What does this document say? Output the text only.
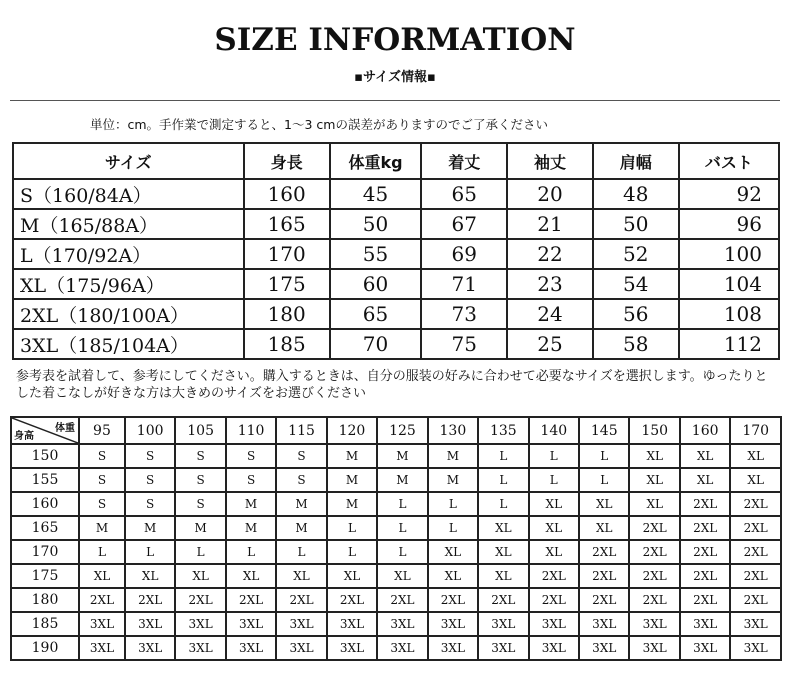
SIZE INFORMATION
▪サイズ情報▪
単位：cm。手作業で測定すると、1～3 cmの誤差がありますのでご了承ください
サイズ	身長	体重kg	着丈	袖丈	肩幅	バスト
S（160/84A）	160	45	65	20	48	92
M（165/88A）	165	50	67	21	50	96
L（170/92A）	170	55	69	22	52	100
XL（175/96A）	175	60	71	23	54	104
2XL（180/100A）	180	65	73	24	56	108
3XL（185/104A）	185	70	75	25	58	112
参考表を試着して、参考にしてください。購入するときは、自分の服装の好みに合わせて必要なサイズを選択します。ゆったりとした着こなしが好きな方は大きめのサイズをお選びください
体重
身高	95	100	105	110	115	120	125	130	135	140	145	150	160	170
150	S	S	S	S	S	M	M	M	L	L	L	XL	XL	XL
155	S	S	S	S	S	M	M	M	L	L	L	XL	XL	XL
160	S	S	S	M	M	M	L	L	L	XL	XL	XL	2XL	2XL
165	M	M	M	M	M	L	L	L	XL	XL	XL	2XL	2XL	2XL
170	L	L	L	L	L	L	L	XL	XL	XL	2XL	2XL	2XL	2XL
175	XL	XL	XL	XL	XL	XL	XL	XL	XL	2XL	2XL	2XL	2XL	2XL
180	2XL	2XL	2XL	2XL	2XL	2XL	2XL	2XL	2XL	2XL	2XL	2XL	2XL	2XL
185	3XL	3XL	3XL	3XL	3XL	3XL	3XL	3XL	3XL	3XL	3XL	3XL	3XL	3XL
190	3XL	3XL	3XL	3XL	3XL	3XL	3XL	3XL	3XL	3XL	3XL	3XL	3XL	3XL
